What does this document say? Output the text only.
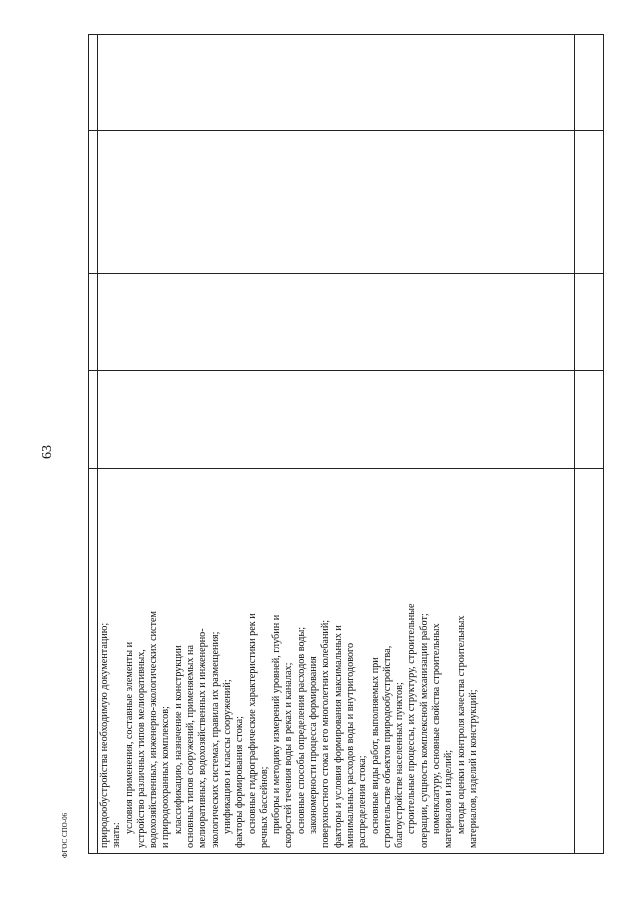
63

природообустройства необходимую документацию; знать:

условия применения, составные элементы и устройство различных типов мелиоративных, водохозяйственных, инженерно-экологических систем и природоохранных комплексов; классификацию, назначение и конструкции основных типов сооружений, применяемых на мелиоративных, водохозяйственных и инженерно- экологических системах, правила их размещения; унификацию и классы сооружений; факторы формирования стока; основные гидрографические характеристики рек и речных бассейнов; приборы и методику измерений уровней, глубин и скоростей течения воды в реках и каналах; основные способы определения расходов воды; закономерности процесса формирования поверхностного стока и его многолетних колебаний; факторы и условия формирования максимальных и минимальных расходов воды и внутригодового распределения стока; основные виды работ, выполняемых при строительстве объектов природообустройства, благоустройстве населенных пунктов; строительные процессы, их структуру, строительные операции, сущность комплексной механизации работ; номенклатуру, основные свойства строительных материалов и изделий; методы оценки и контроля качества строительных материалов, изделий и конструкций;

ФГОС СПО-06
